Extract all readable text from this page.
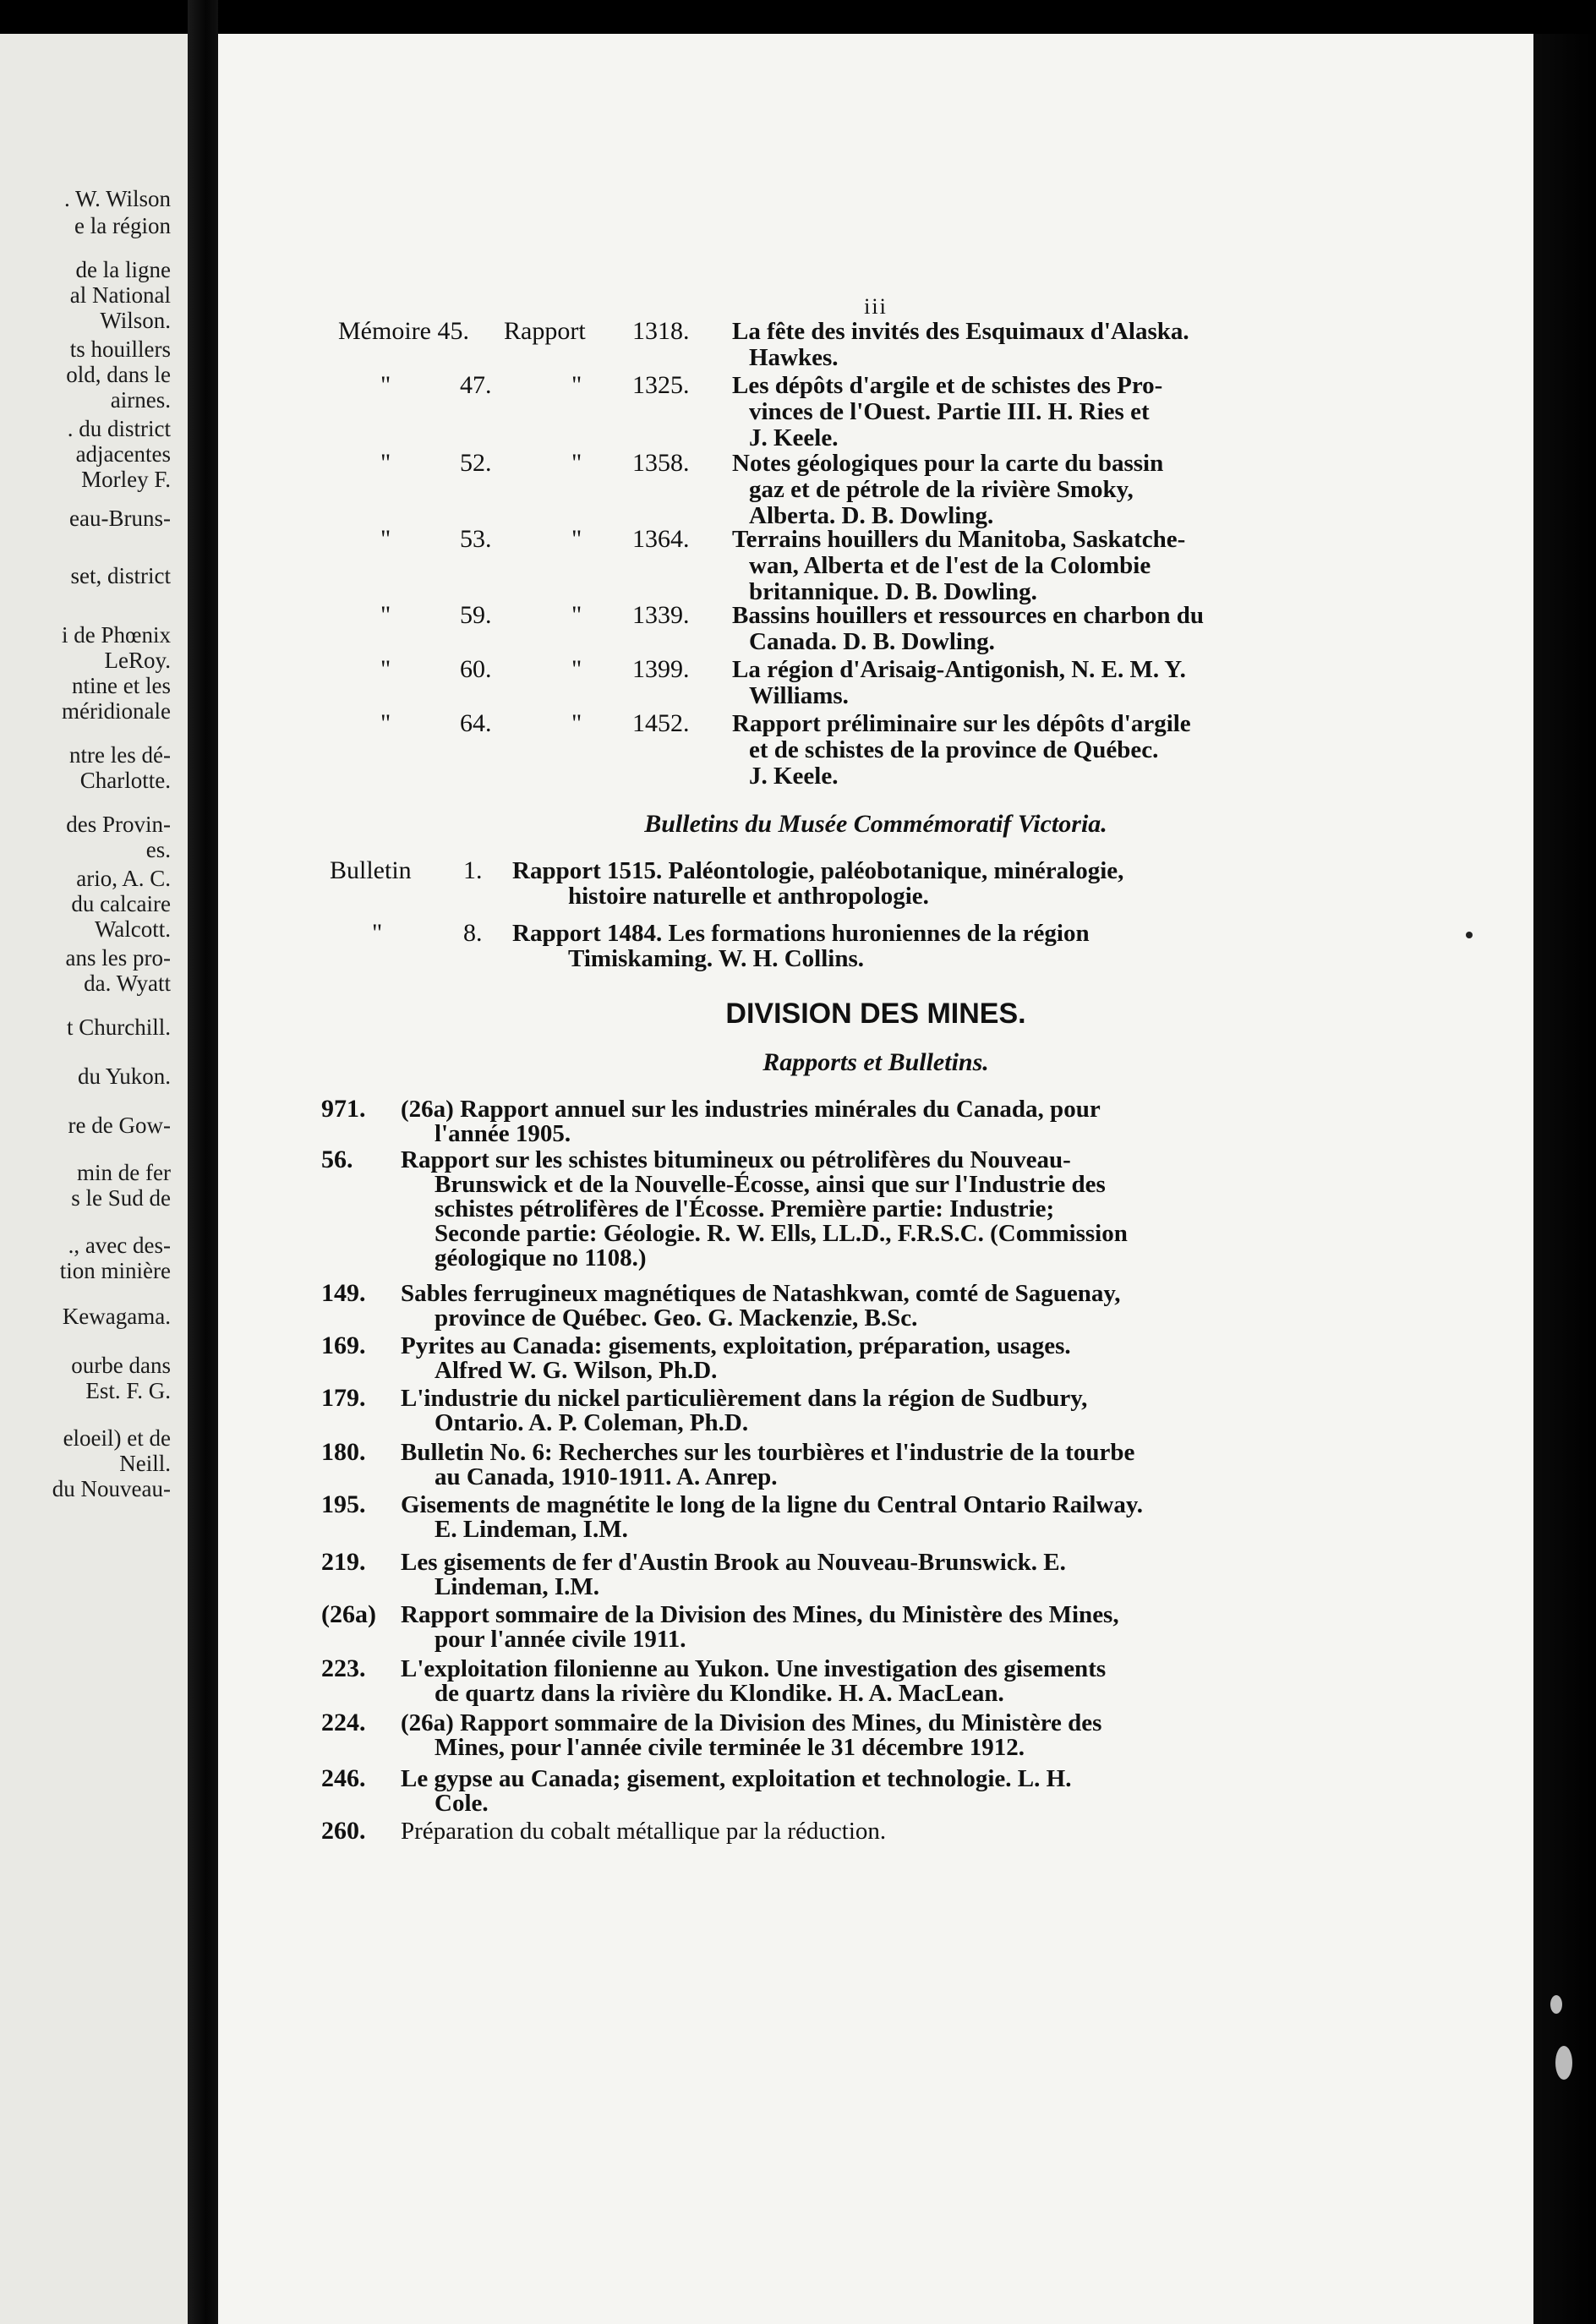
. W. Wilson
e la région
de la ligne
al National
Wilson.
ts houillers
old, dans le
airnes.
. du district
adjacentes
Morley F.
eau-Bruns-
set, district
i de Phœnix
LeRoy.
ntine et les
méridionale
ntre les dé-
Charlotte.
des Provin-
es.
ario, A. C.
du calcaire
Walcott.
ans les pro-
da. Wyatt
t Churchill.
du Yukon.
re de Gow-
min de fer
s le Sud de
., avec des-
tion minière
Kewagama.
ourbe dans
Est. F. G.
eloeil) et de
Neill.
du Nouveau-
iii
Mémoire 45. Rapport 1318. La fête des invités des Esquimaux d'Alaska.
Hawkes.
"	47.	" 1325. Les dépôts d'argile et de schistes des Pro-
vinces de l'Ouest. Partie III. H. Ries et
J. Keele.
"	52.	" 1358. Notes géologiques pour la carte du bassin
gaz et de pétrole de la rivière Smoky,
Alberta. D. B. Dowling.
"	53.	" 1364. Terrains houillers du Manitoba, Saskatche-
wan, Alberta et de l'est de la Colombie
britannique. D. B. Dowling.
"	59.	" 1339. Bassins houillers et ressources en charbon du
Canada. D. B. Dowling.
"	60.	" 1399. La région d'Arisaig-Antigonish, N. E. M. Y.
Williams.
"	64.	" 1452. Rapport préliminaire sur les dépôts d'argile
et de schistes de la province de Québec.
J. Keele.
Bulletins du Musée Commémoratif Victoria.
Bulletin 1. Rapport 1515. Paléontologie, paléobotanique, minéralogie,
histoire naturelle et anthropologie.
"	8. Rapport 1484. Les formations huroniennes de la région
Timiskaming. W. H. Collins.
DIVISION DES MINES.
Rapports et Bulletins.
971. (26a) Rapport annuel sur les industries minérales du Canada, pour
l'année 1905.
56. Rapport sur les schistes bitumineux ou pétrolifères du Nouveau-
Brunswick et de la Nouvelle-Écosse, ainsi que sur l'Industrie des
schistes pétrolifères de l'Écosse. Première partie: Industrie;
Seconde partie: Géologie. R. W. Ells, LL.D., F.R.S.C. (Commission
géologique no 1108.)
149. Sables ferrugineux magnétiques de Natashkwan, comté de Saguenay,
province de Québec. Geo. G. Mackenzie, B.Sc.
169. Pyrites au Canada: gisements, exploitation, préparation, usages.
Alfred W. G. Wilson, Ph.D.
179. L'industrie du nickel particulièrement dans la région de Sudbury,
Ontario. A. P. Coleman, Ph.D.
180. Bulletin No. 6: Recherches sur les tourbières et l'industrie de la tourbe
au Canada, 1910-1911. A. Anrep.
195. Gisements de magnétite le long de la ligne du Central Ontario Railway.
E. Lindeman, I.M.
219. Les gisements de fer d'Austin Brook au Nouveau-Brunswick. E.
Lindeman, I.M.
(26a) Rapport sommaire de la Division des Mines, du Ministère des Mines,
pour l'année civile 1911.
223. L'exploitation filonienne au Yukon. Une investigation des gisements
de quartz dans la rivière du Klondike. H. A. MacLean.
224. (26a) Rapport sommaire de la Division des Mines, du Ministère des
Mines, pour l'année civile terminée le 31 décembre 1912.
246. Le gypse au Canada; gisement, exploitation et technologie. L. H.
Cole.
260. Préparation du cobalt métallique par la réduction.
